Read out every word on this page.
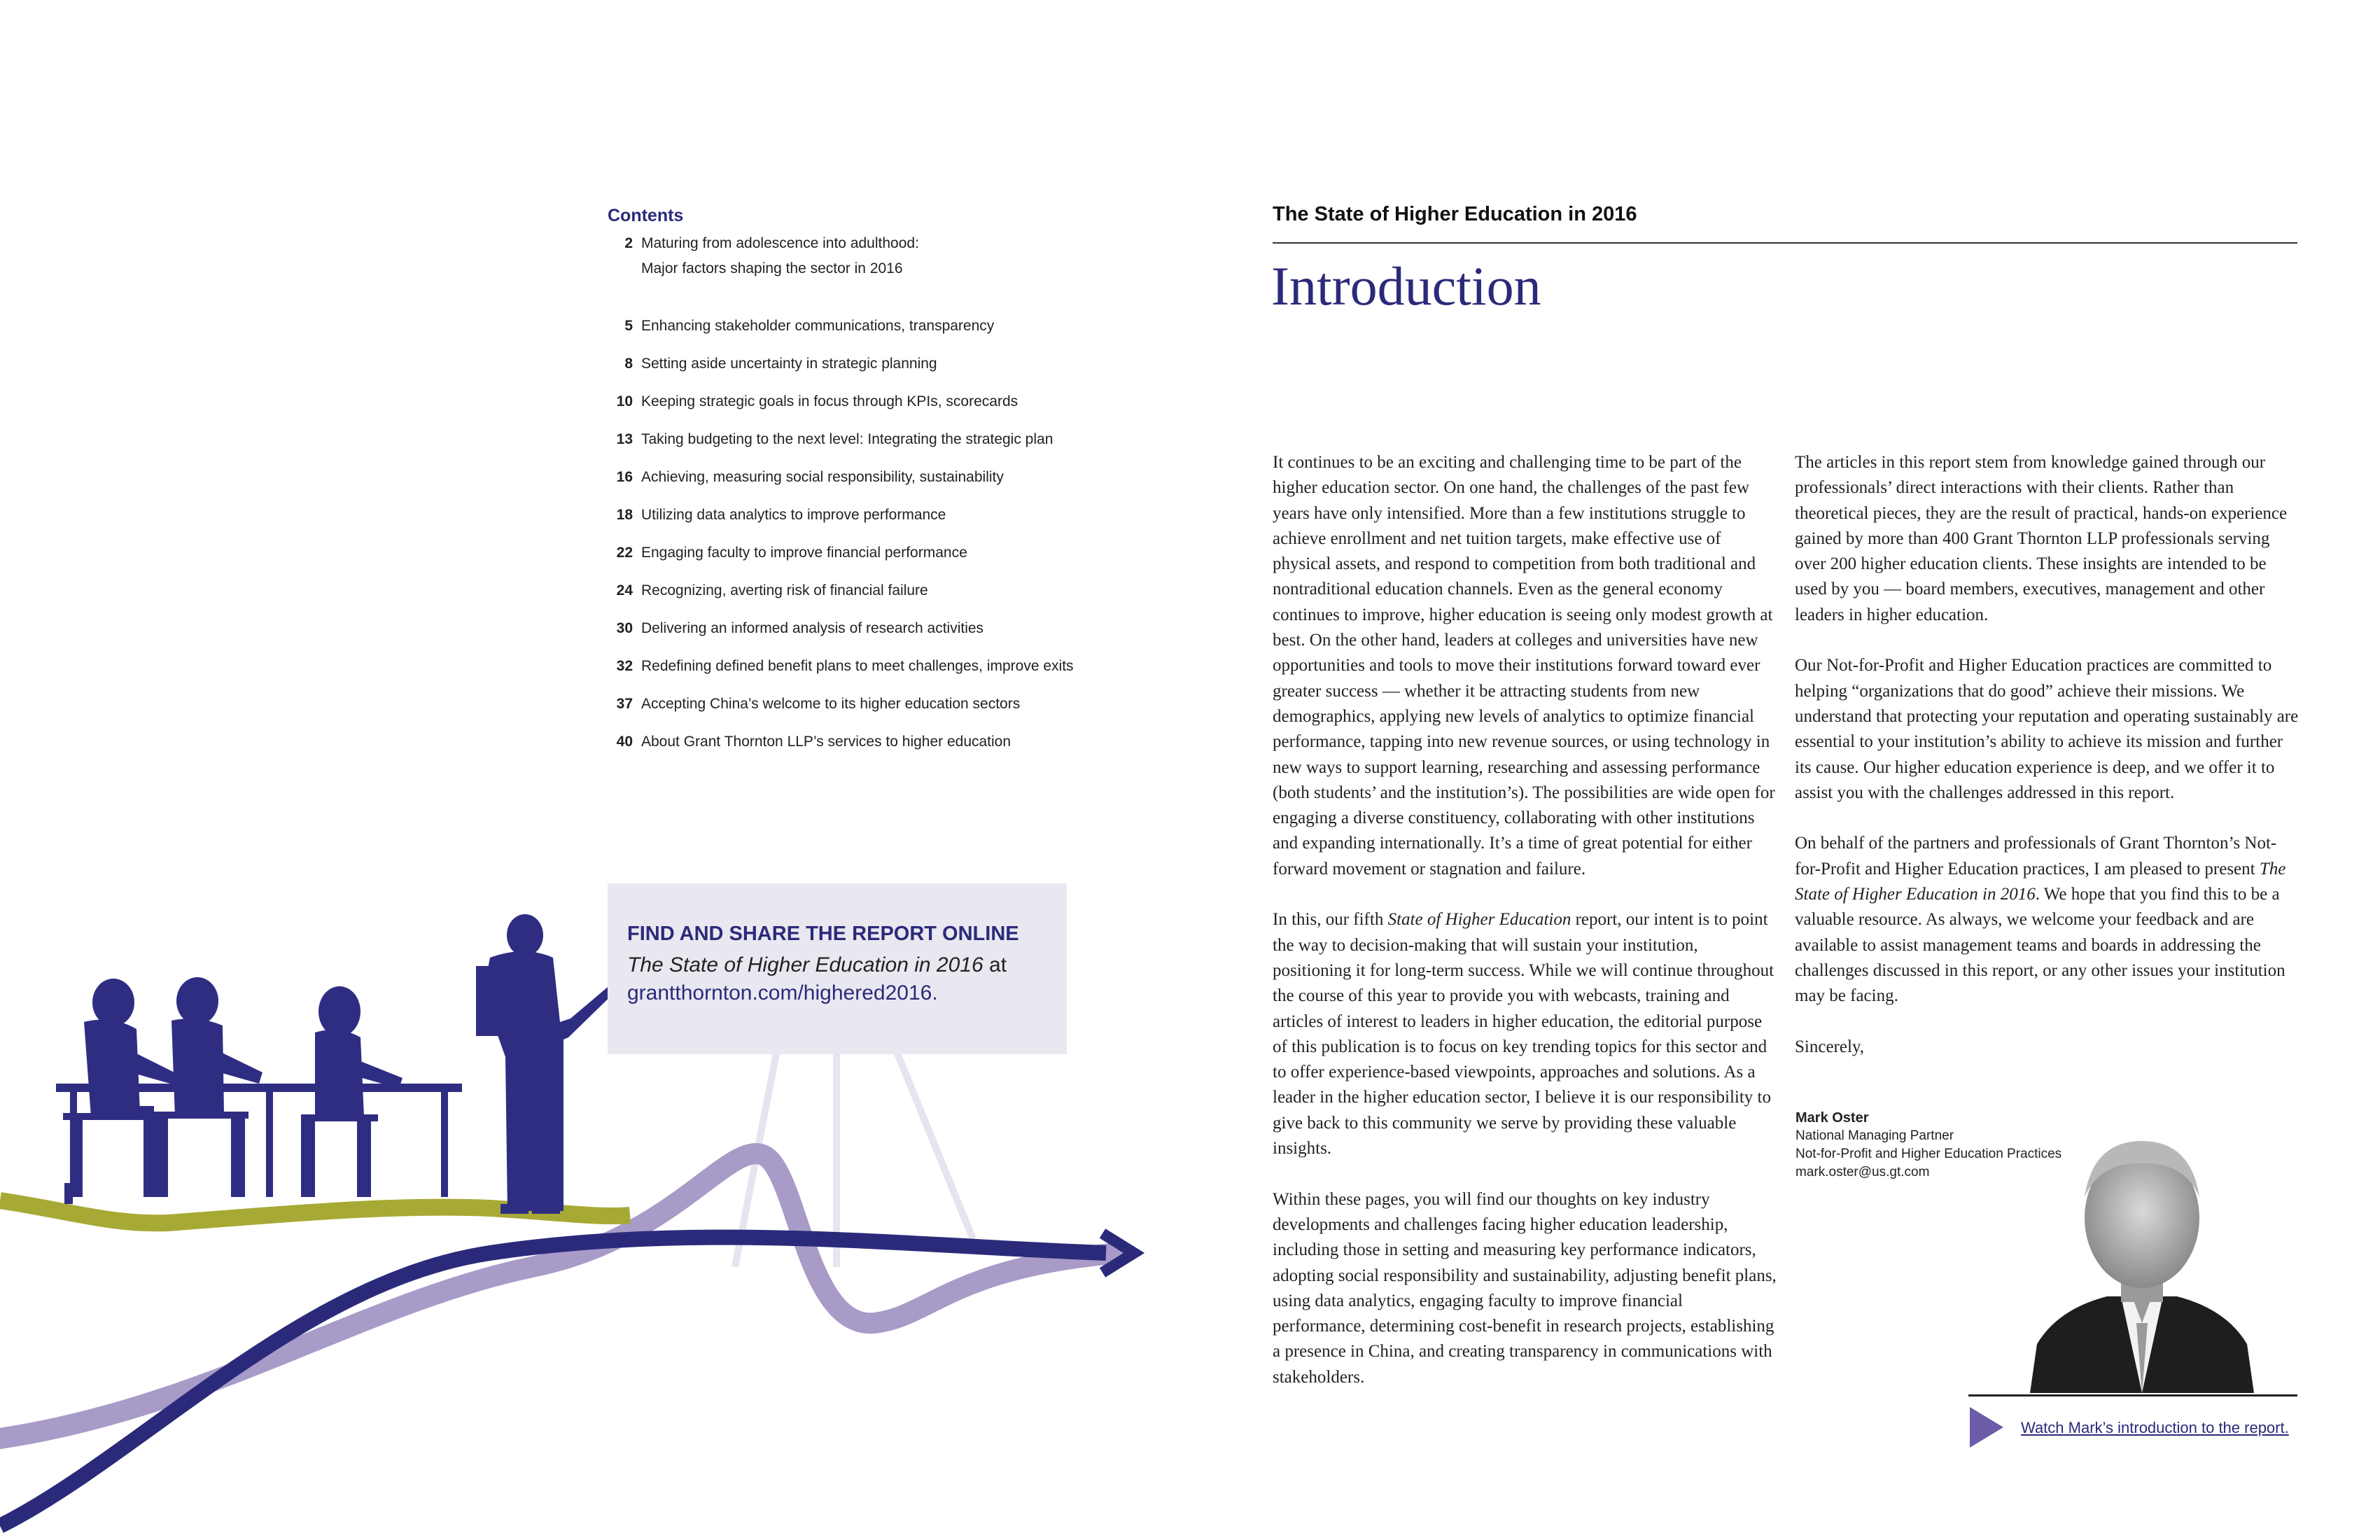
Contents
2 Maturing from adolescence into adulthood:
Major factors shaping the sector in 2016
5 Enhancing stakeholder communications, transparency
8 Setting aside uncertainty in strategic planning
10 Keeping strategic goals in focus through KPIs, scorecards
13 Taking budgeting to the next level: Integrating the strategic plan
16 Achieving, measuring social responsibility, sustainability
18 Utilizing data analytics to improve performance
22 Engaging faculty to improve financial performance
24 Recognizing, averting risk of financial failure
30 Delivering an informed analysis of research activities
32 Redefining defined benefit plans to meet challenges, improve exits
37 Accepting China’s welcome to its higher education sectors
40 About Grant Thornton LLP’s services to higher education
FIND AND SHARE THE REPORT ONLINE
The State of Higher Education in 2016 at
grantthornton.com/highered2016.
The State of Higher Education in 2016
Introduction

It continues to be an exciting and challenging time to be part of the higher education sector. On one hand, the challenges of the past few years have only intensified. More than a few institutions struggle to achieve enrollment and net tuition targets, make effective use of physical assets, and respond to competition from both traditional and nontraditional education channels. Even as the general economy continues to improve, higher education is seeing only modest growth at best. On the other hand, leaders at colleges and universities have new opportunities and tools to move their institutions forward toward ever greater success — whether it be attracting students from new demographics, applying new levels of analytics to optimize financial performance, tapping into new revenue sources, or using technology in new ways to support learning, researching and assessing performance (both students’ and the institution’s). The possibilities are wide open for engaging a diverse constituency, collaborating with other institutions and expanding internationally. It’s a time of great potential for either forward movement or stagnation and failure.

In this, our fifth State of Higher Education report, our intent is to point the way to decision-making that will sustain your institution, positioning it for long-term success. While we will continue throughout the course of this year to provide you with webcasts, training and articles of interest to leaders in higher education, the editorial purpose of this publication is to focus on key trending topics for this sector and to offer experience-based viewpoints, approaches and solutions. As a leader in the higher education sector, I believe it is our responsibility to give back to this community we serve by providing these valuable insights.

Within these pages, you will find our thoughts on key industry developments and challenges facing higher education leadership, including those in setting and measuring key performance indicators, adopting social responsibility and sustainability, adjusting benefit plans, using data analytics, engaging faculty to improve financial performance, determining cost-benefit in research projects, establishing a presence in China, and creating transparency in communications with stakeholders.

The articles in this report stem from knowledge gained through our professionals’ direct interactions with their clients. Rather than theoretical pieces, they are the result of practical, hands-on experience gained by more than 400 Grant Thornton LLP professionals serving over 200 higher education clients. These insights are intended to be used by you — board members, executives, management and other leaders in higher education.

Our Not-for-Profit and Higher Education practices are committed to helping “organizations that do good” achieve their missions. We understand that protecting your reputation and operating sustainably are essential to your institution’s ability to achieve its mission and further its cause. Our higher education experience is deep, and we offer it to assist you with the challenges addressed in this report.

On behalf of the partners and professionals of Grant Thornton’s Not-for-Profit and Higher Education practices, I am pleased to present The State of Higher Education in 2016. We hope that you find this to be a valuable resource. As always, we welcome your feedback and are available to assist management teams and boards in addressing the challenges discussed in this report, or any other issues your institution may be facing.

Sincerely,

Mark Oster
National Managing Partner
Not-for-Profit and Higher Education Practices
mark.oster@us.gt.com
Watch Mark’s introduction to the report.
